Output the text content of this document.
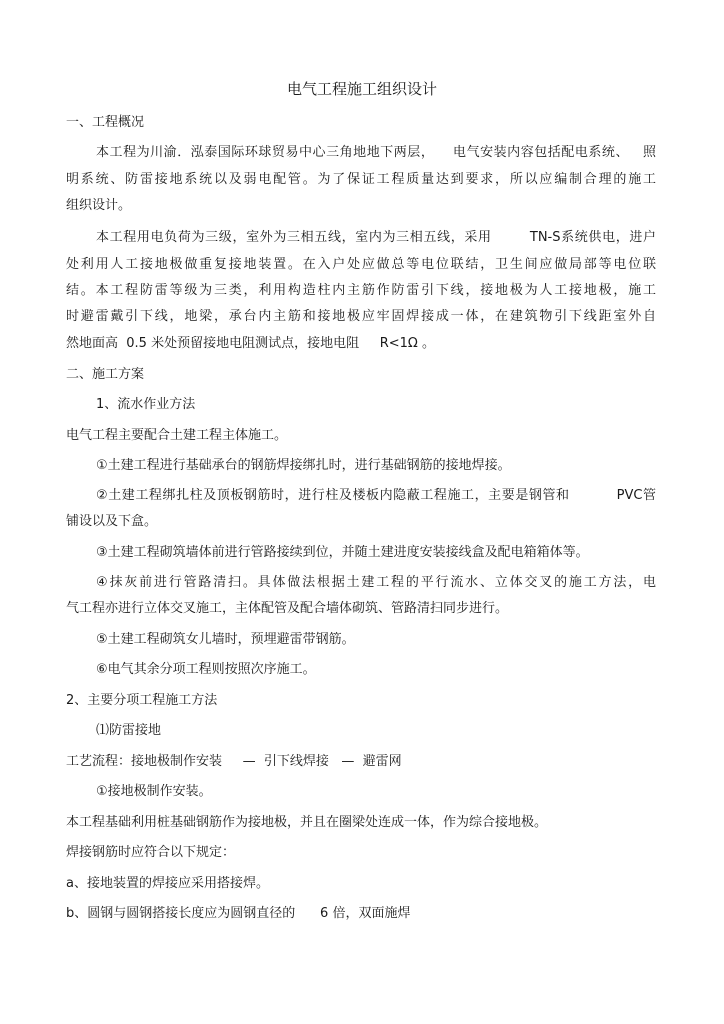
电气工程施工组织设计
一、工程概况
本工程为川渝．泓泰国际环球贸易中心三角地地下两层，    电气安装内容包括配电系统、   照
明系统、防雷接地系统以及弱电配管。为了保证工程质量达到要求，所以应编制合理的施工
组织设计。
本工程用电负荷为三级，室外为三相五线，室内为三相五线，采用        TN-S系统供电，进户
处利用人工接地极做重复接地装置。在入户处应做总等电位联结，卫生间应做局部等电位联
结。本工程防雷等级为三类，利用构造柱内主筋作防雷引下线，接地极为人工接地极，施工
时避雷戴引下线，地梁，承台内主筋和接地极应牢固焊接成一体，在建筑物引下线距室外自
然地面高  0.5 米处预留接地电阻测试点，接地电阻     R<1Ω 。
二、施工方案
1、流水作业方法
电气工程主要配合土建工程主体施工。
①土建工程进行基础承台的钢筋焊接绑扎时，进行基础钢筋的接地焊接。
②土建工程绑扎柱及顶板钢筋时，进行柱及楼板内隐蔽工程施工，主要是钢管和          PVC管
铺设以及下盒。
③土建工程砌筑墙体前进行管路接续到位，并随土建进度安装接线盒及配电箱箱体等。
④抹灰前进行管路清扫。具体做法根据土建工程的平行流水、立体交叉的施工方法，电
气工程亦进行立体交叉施工，主体配管及配合墙体砌筑、管路清扫同步进行。
⑤土建工程砌筑女儿墙时，预埋避雷带钢筋。
⑥电气其余分项工程则按照次序施工。
2、主要分项工程施工方法
⑴防雷接地
工艺流程：接地极制作安装     —  引下线焊接   —  避雷网
①接地极制作安装。
本工程基础利用桩基础钢筋作为接地极，并且在圈梁处连成一体，作为综合接地极。
焊接钢筋时应符合以下规定：
a、接地装置的焊接应采用搭接焊。
b、圆钢与圆钢搭接长度应为圆钢直径的      6 倍，双面施焊
